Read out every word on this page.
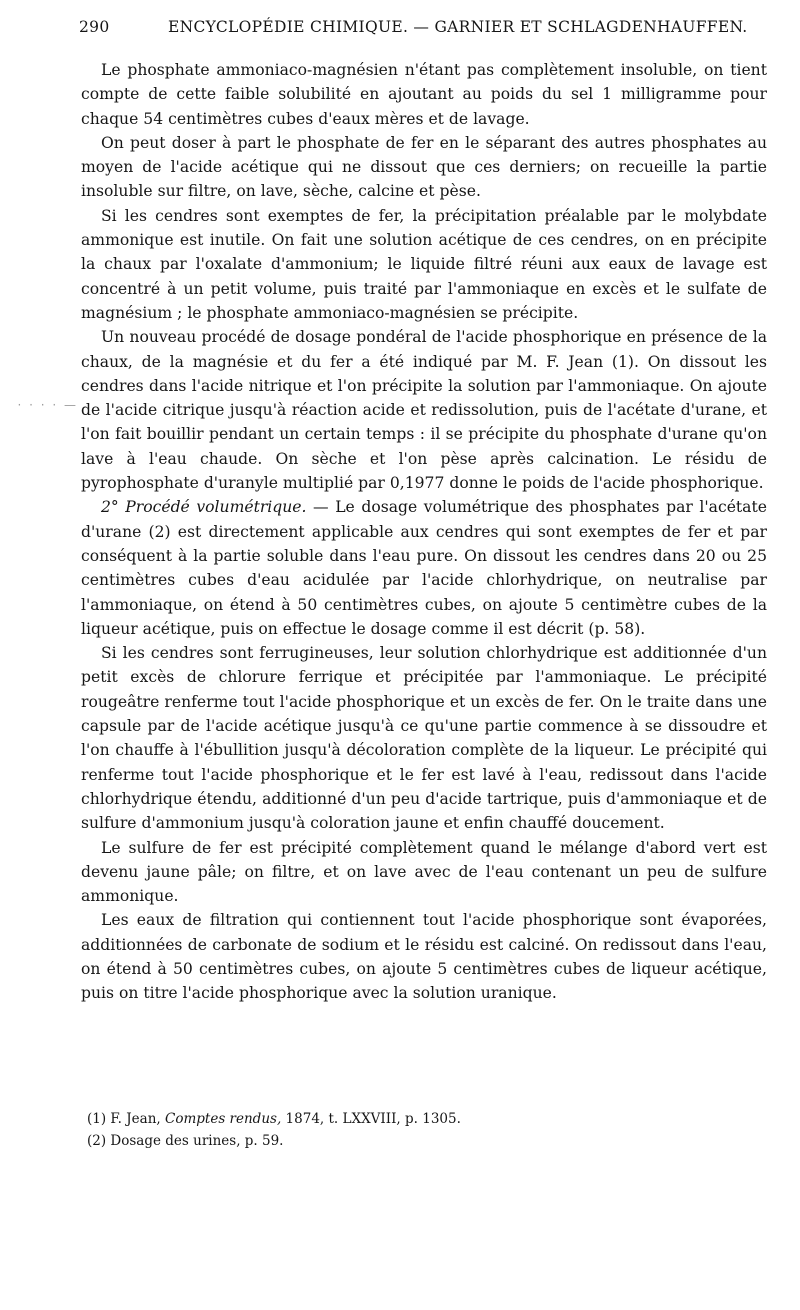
290	ENCYCLOPÉDIE CHIMIQUE. — GARNIER ET SCHLAGDENHAUFFEN.
· · · · —

Le phosphate ammoniaco-magnésien n'étant pas complètement insoluble, on tient compte de cette faible solubilité en ajoutant au poids du sel 1 milligramme pour chaque 54 centimètres cubes d'eaux mères et de lavage.

On peut doser à part le phosphate de fer en le séparant des autres phosphates au moyen de l'acide acétique qui ne dissout que ces derniers; on recueille la partie insoluble sur filtre, on lave, sèche, calcine et pèse.

Si les cendres sont exemptes de fer, la précipitation préalable par le molybdate ammonique est inutile. On fait une solution acétique de ces cendres, on en précipite la chaux par l'oxalate d'ammonium; le liquide filtré réuni aux eaux de lavage est concentré à un petit volume, puis traité par l'ammoniaque en excès et le sulfate de magnésium ; le phosphate ammoniaco-magnésien se précipite.

Un nouveau procédé de dosage pondéral de l'acide phosphorique en présence de la chaux, de la magnésie et du fer a été indiqué par M. F. Jean (1). On dissout les cendres dans l'acide nitrique et l'on précipite la solution par l'ammoniaque. On ajoute de l'acide citrique jusqu'à réaction acide et redissolution, puis de l'acétate d'urane, et l'on fait bouillir pendant un certain temps : il se précipite du phosphate d'urane qu'on lave à l'eau chaude. On sèche et l'on pèse après calcination. Le résidu de pyrophosphate d'uranyle multiplié par 0,1977 donne le poids de l'acide phosphorique.

2° Procédé volumétrique. — Le dosage volumétrique des phosphates par l'acétate d'urane (2) est directement applicable aux cendres qui sont exemptes de fer et par conséquent à la partie soluble dans l'eau pure. On dissout les cendres dans 20 ou 25 centimètres cubes d'eau acidulée par l'acide chlorhydrique, on neutralise par l'ammoniaque, on étend à 50 centimètres cubes, on ajoute 5 centimètre cubes de la liqueur acétique, puis on effectue le dosage comme il est décrit (p. 58).

Si les cendres sont ferrugineuses, leur solution chlorhydrique est additionnée d'un petit excès de chlorure ferrique et précipitée par l'ammoniaque. Le précipité rougeâtre renferme tout l'acide phosphorique et un excès de fer. On le traite dans une capsule par de l'acide acétique jusqu'à ce qu'une partie commence à se dissoudre et l'on chauffe à l'ébullition jusqu'à décoloration complète de la liqueur. Le précipité qui renferme tout l'acide phosphorique et le fer est lavé à l'eau, redissout dans l'acide chlorhydrique étendu, additionné d'un peu d'acide tartrique, puis d'ammoniaque et de sulfure d'ammonium jusqu'à coloration jaune et enfin chauffé doucement.

Le sulfure de fer est précipité complètement quand le mélange d'abord vert est devenu jaune pâle; on filtre, et on lave avec de l'eau contenant un peu de sulfure ammonique.

Les eaux de filtration qui contiennent tout l'acide phosphorique sont évaporées, additionnées de carbonate de sodium et le résidu est calciné. On redissout dans l'eau, on étend à 50 centimètres cubes, on ajoute 5 centimètres cubes de liqueur acétique, puis on titre l'acide phosphorique avec la solution uranique.

(1) F. Jean, Comptes rendus, 1874, t. LXXVIII, p. 1305.

(2) Dosage des urines, p. 59.
